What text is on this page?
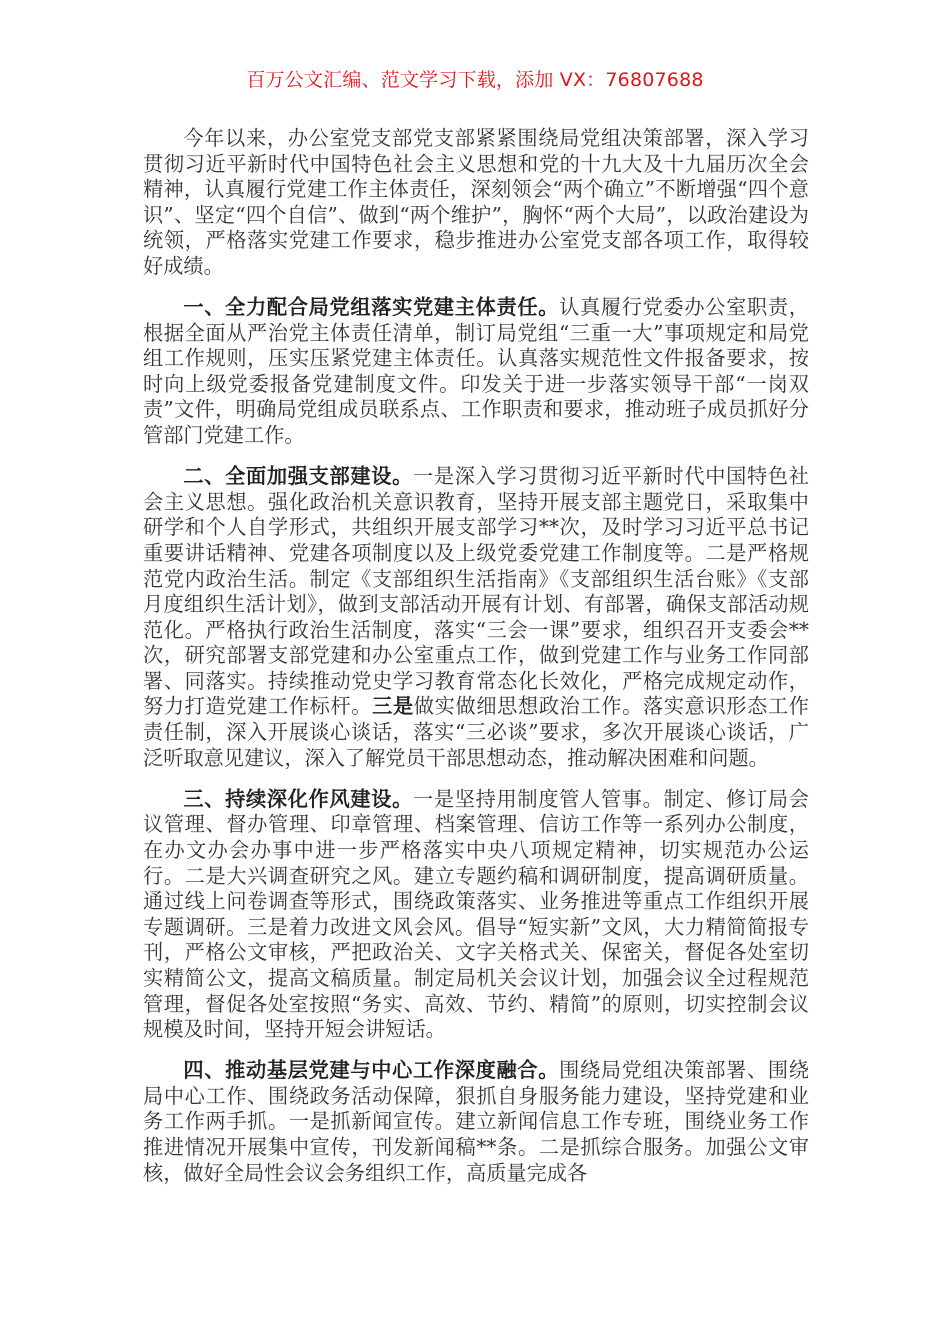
百万公文汇编、范文学习下载，添加 VX：76807688

今年以来，办公室党支部党支部紧紧围绕局党组决策部署，深入学习贯彻习近平新时代中国特色社会主义思想和党的十九大及十九届历次全会精神，认真履行党建工作主体责任，深刻领会“两个确立”不断增强“四个意识”、坚定“四个自信”、做到“两个维护”，胸怀“两个大局”，以政治建设为统领，严格落实党建工作要求，稳步推进办公室党支部各项工作，取得较好成绩。

一、全力配合局党组落实党建主体责任。认真履行党委办公室职责，根据全面从严治党主体责任清单，制订局党组“三重一大”事项规定和局党组工作规则，压实压紧党建主体责任。认真落实规范性文件报备要求，按时向上级党委报备党建制度文件。印发关于进一步落实领导干部“一岗双责”文件，明确局党组成员联系点、工作职责和要求，推动班子成员抓好分管部门党建工作。

二、全面加强支部建设。一是深入学习贯彻习近平新时代中国特色社会主义思想。强化政治机关意识教育，坚持开展支部主题党日，采取集中研学和个人自学形式，共组织开展支部学习**次，及时学习习近平总书记重要讲话精神、党建各项制度以及上级党委党建工作制度等。二是严格规范党内政治生活。制定《支部组织生活指南》《支部组织生活台账》《支部月度组织生活计划》，做到支部活动开展有计划、有部署，确保支部活动规范化。严格执行政治生活制度，落实“三会一课”要求，组织召开支委会**次，研究部署支部党建和办公室重点工作，做到党建工作与业务工作同部署、同落实。持续推动党史学习教育常态化长效化，严格完成规定动作，努力打造党建工作标杆。三是做实做细思想政治工作。落实意识形态工作责任制，深入开展谈心谈话，落实“三必谈”要求，多次开展谈心谈话，广泛听取意见建议，深入了解党员干部思想动态，推动解决困难和问题。

三、持续深化作风建设。一是坚持用制度管人管事。制定、修订局会议管理、督办管理、印章管理、档案管理、信访工作等一系列办公制度，在办文办会办事中进一步严格落实中央八项规定精神，切实规范办公运行。二是大兴调查研究之风。建立专题约稿和调研制度，提高调研质量。通过线上问卷调查等形式，围绕政策落实、业务推进等重点工作组织开展专题调研。三是着力改进文风会风。倡导“短实新”文风，大力精简简报专刊，严格公文审核，严把政治关、文字关格式关、保密关，督促各处室切实精简公文，提高文稿质量。制定局机关会议计划，加强会议全过程规范管理，督促各处室按照“务实、高效、节约、精简”的原则，切实控制会议规模及时间，坚持开短会讲短话。

四、推动基层党建与中心工作深度融合。围绕局党组决策部署、围绕局中心工作、围绕政务活动保障，狠抓自身服务能力建设，坚持党建和业务工作两手抓。一是抓新闻宣传。建立新闻信息工作专班，围绕业务工作推进情况开展集中宣传，刊发新闻稿**条。二是抓综合服务。加强公文审核，做好全局性会议会务组织工作，高质量完成各
